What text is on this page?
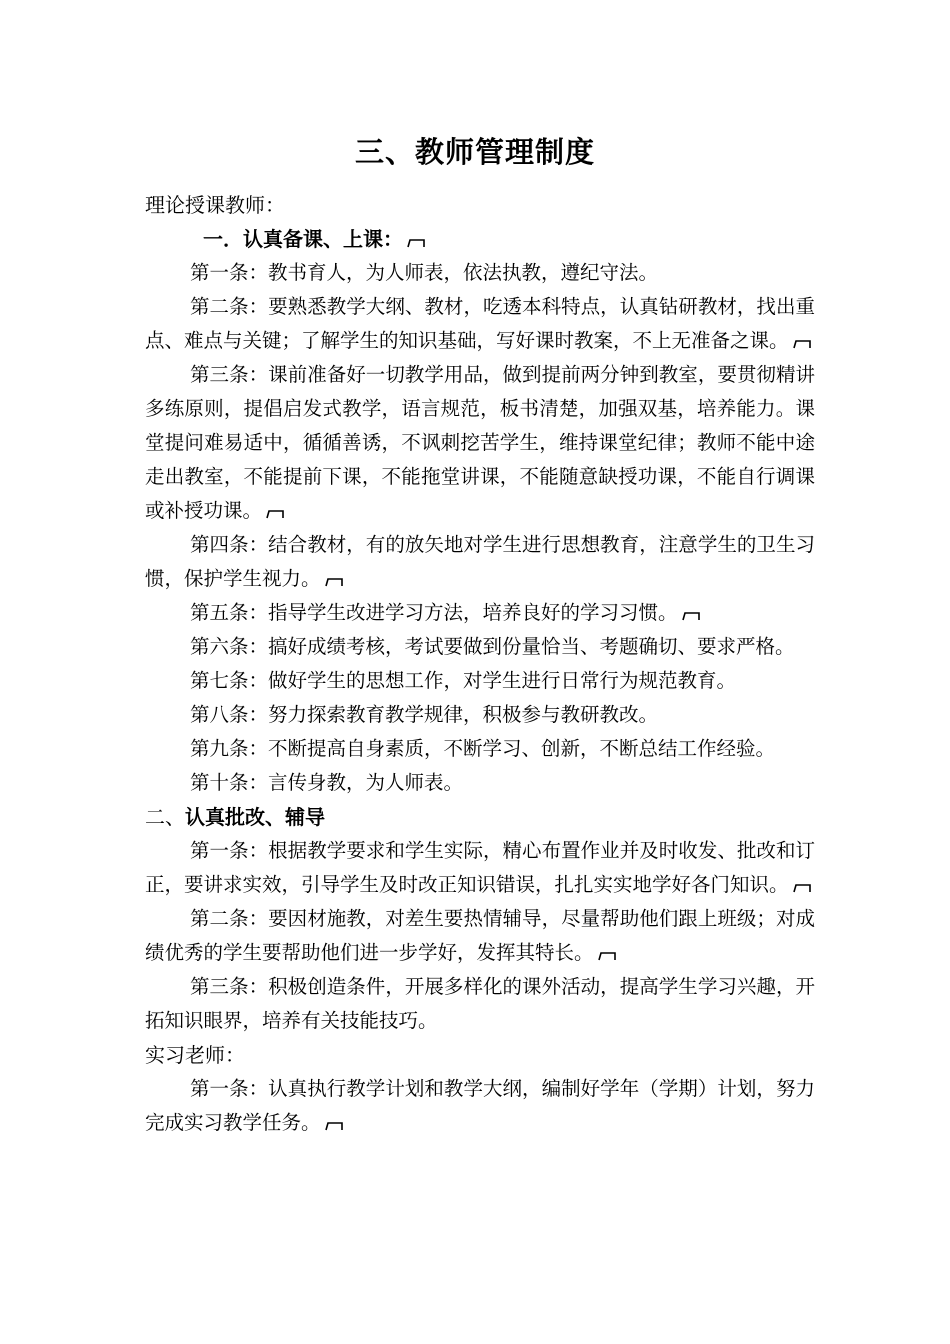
三、教师管理制度

理论授课教师：

一．认真备课、上课：

第一条：教书育人，为人师表，依法执教，遵纪守法。

第二条：要熟悉教学大纲、教材，吃透本科特点，认真钻研教材，找出重点、难点与关键；了解学生的知识基础，写好课时教案，不上无准备之课。

第三条：课前准备好一切教学用品，做到提前两分钟到教室，要贯彻精讲多练原则，提倡启发式教学，语言规范，板书清楚，加强双基，培养能力。课堂提问难易适中，循循善诱，不讽刺挖苦学生，维持课堂纪律；教师不能中途走出教室，不能提前下课，不能拖堂讲课，不能随意缺授功课，不能自行调课或补授功课。

第四条：结合教材，有的放矢地对学生进行思想教育，注意学生的卫生习惯，保护学生视力。

第五条：指导学生改进学习方法，培养良好的学习习惯。

第六条：搞好成绩考核，考试要做到份量恰当、考题确切、要求严格。

第七条：做好学生的思想工作，对学生进行日常行为规范教育。

第八条：努力探索教育教学规律，积极参与教研教改。

第九条：不断提高自身素质，不断学习、创新，不断总结工作经验。

第十条：言传身教，为人师表。

二、认真批改、辅导

第一条：根据教学要求和学生实际，精心布置作业并及时收发、批改和订正，要讲求实效，引导学生及时改正知识错误，扎扎实实地学好各门知识。

第二条：要因材施教，对差生要热情辅导，尽量帮助他们跟上班级；对成绩优秀的学生要帮助他们进一步学好，发挥其特长。

第三条：积极创造条件，开展多样化的课外活动，提高学生学习兴趣，开拓知识眼界，培养有关技能技巧。

实习老师：

第一条：认真执行教学计划和教学大纲，编制好学年（学期）计划，努力完成实习教学任务。
